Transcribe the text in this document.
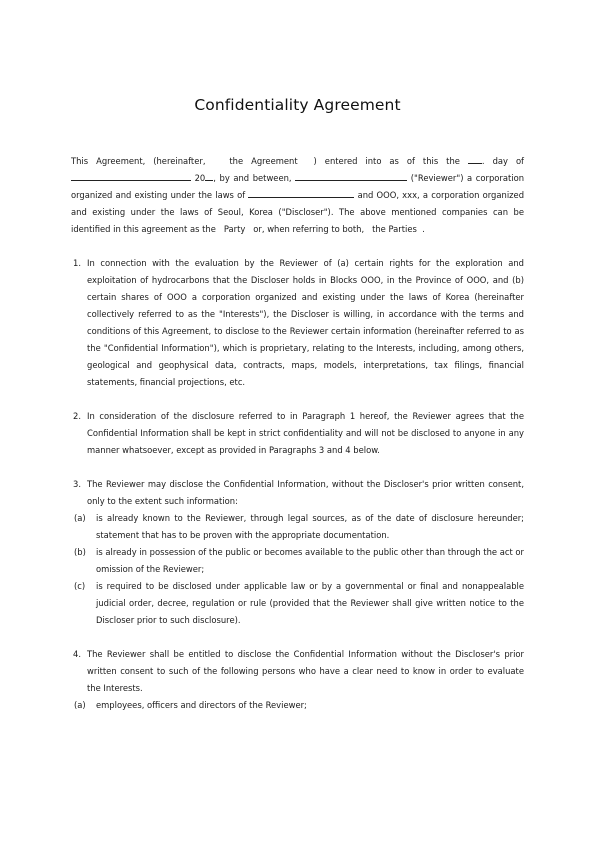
Confidentiality Agreement

This Agreement, (hereinafter,   the Agreement  ) entered into as of this the	. day of  20 , by and between,	("Reviewer") a corporation organized and existing under the laws of	and OOO, xxx, a corporation organized and existing under the laws of Seoul, Korea ("Discloser"). The above mentioned companies can be identified in this agreement as the   Party   or, when referring to both,   the Parties  .

1. In connection with the evaluation by the Reviewer of (a) certain rights for the exploration and exploitation of hydrocarbons that the Discloser holds in Blocks OOO, in the Province of OOO, and (b) certain shares of OOO a corporation organized and existing under the laws of Korea (hereinafter collectively referred to as the "Interests"), the Discloser is willing, in accordance with the terms and conditions of this Agreement, to disclose to the Reviewer certain information (hereinafter referred to as the "Confidential Information"), which is proprietary, relating to the Interests, including, among others, geological and geophysical data, contracts, maps, models, interpretations, tax filings, financial statements, financial projections, etc.

2. In consideration of the disclosure referred to in Paragraph 1 hereof, the Reviewer agrees that the Confidential Information shall be kept in strict confidentiality and will not be disclosed to anyone in any manner whatsoever, except as provided in Paragraphs 3 and 4 below.

3. The Reviewer may disclose the Confidential Information, without the Discloser's prior written consent, only to the extent such information:

(a) is already known to the Reviewer, through legal sources, as of the date of disclosure hereunder; statement that has to be proven with the appropriate documentation.

(b) is already in possession of the public or becomes available to the public other than through the act or omission of the Reviewer;

(c) is required to be disclosed under applicable law or by a governmental or final and nonappealable judicial order, decree, regulation or rule (provided that the Reviewer shall give written notice to the Discloser prior to such disclosure).

4. The Reviewer shall be entitled to disclose the Confidential Information without the Discloser's prior written consent to such of the following persons who have a clear need to know in order to evaluate the Interests.

(a) employees, officers and directors of the Reviewer;
